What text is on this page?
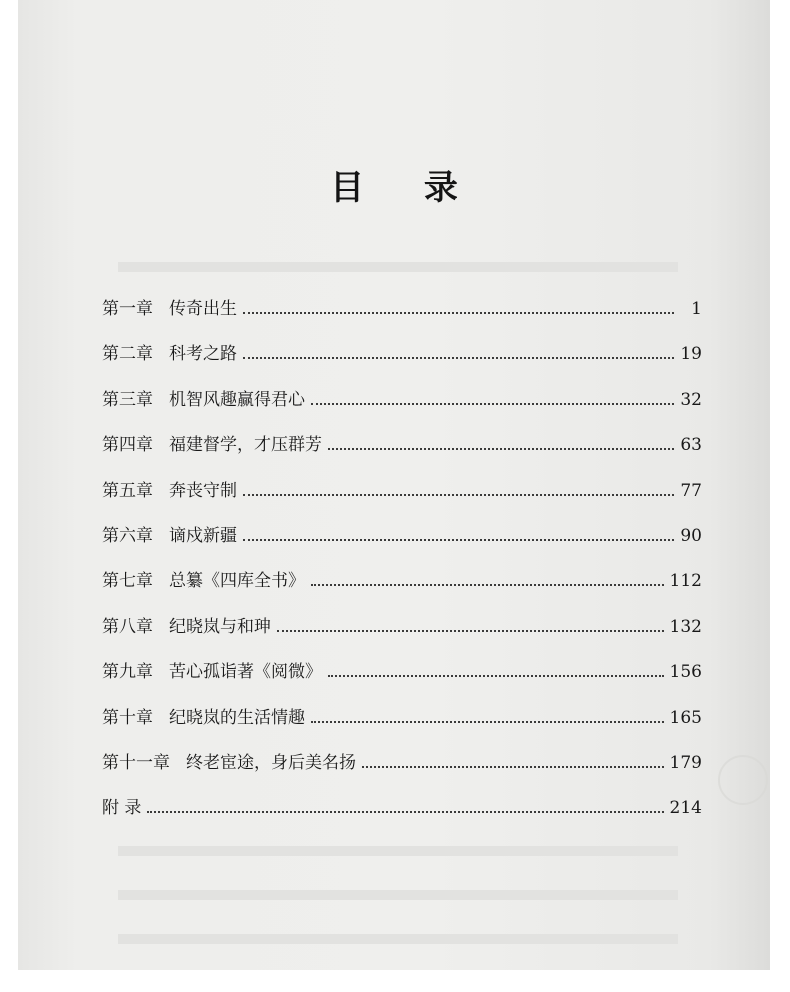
目 录
第一章 传奇出生	1
第二章 科考之路	19
第三章 机智风趣赢得君心	32
第四章 福建督学，才压群芳	63
第五章 奔丧守制	77
第六章 谪戍新疆	90
第七章 总纂《四库全书》	112
第八章 纪晓岚与和珅	132
第九章 苦心孤诣著《阅微》	156
第十章 纪晓岚的生活情趣	165
第十一章 终老宦途，身后美名扬	179
附 录	214
